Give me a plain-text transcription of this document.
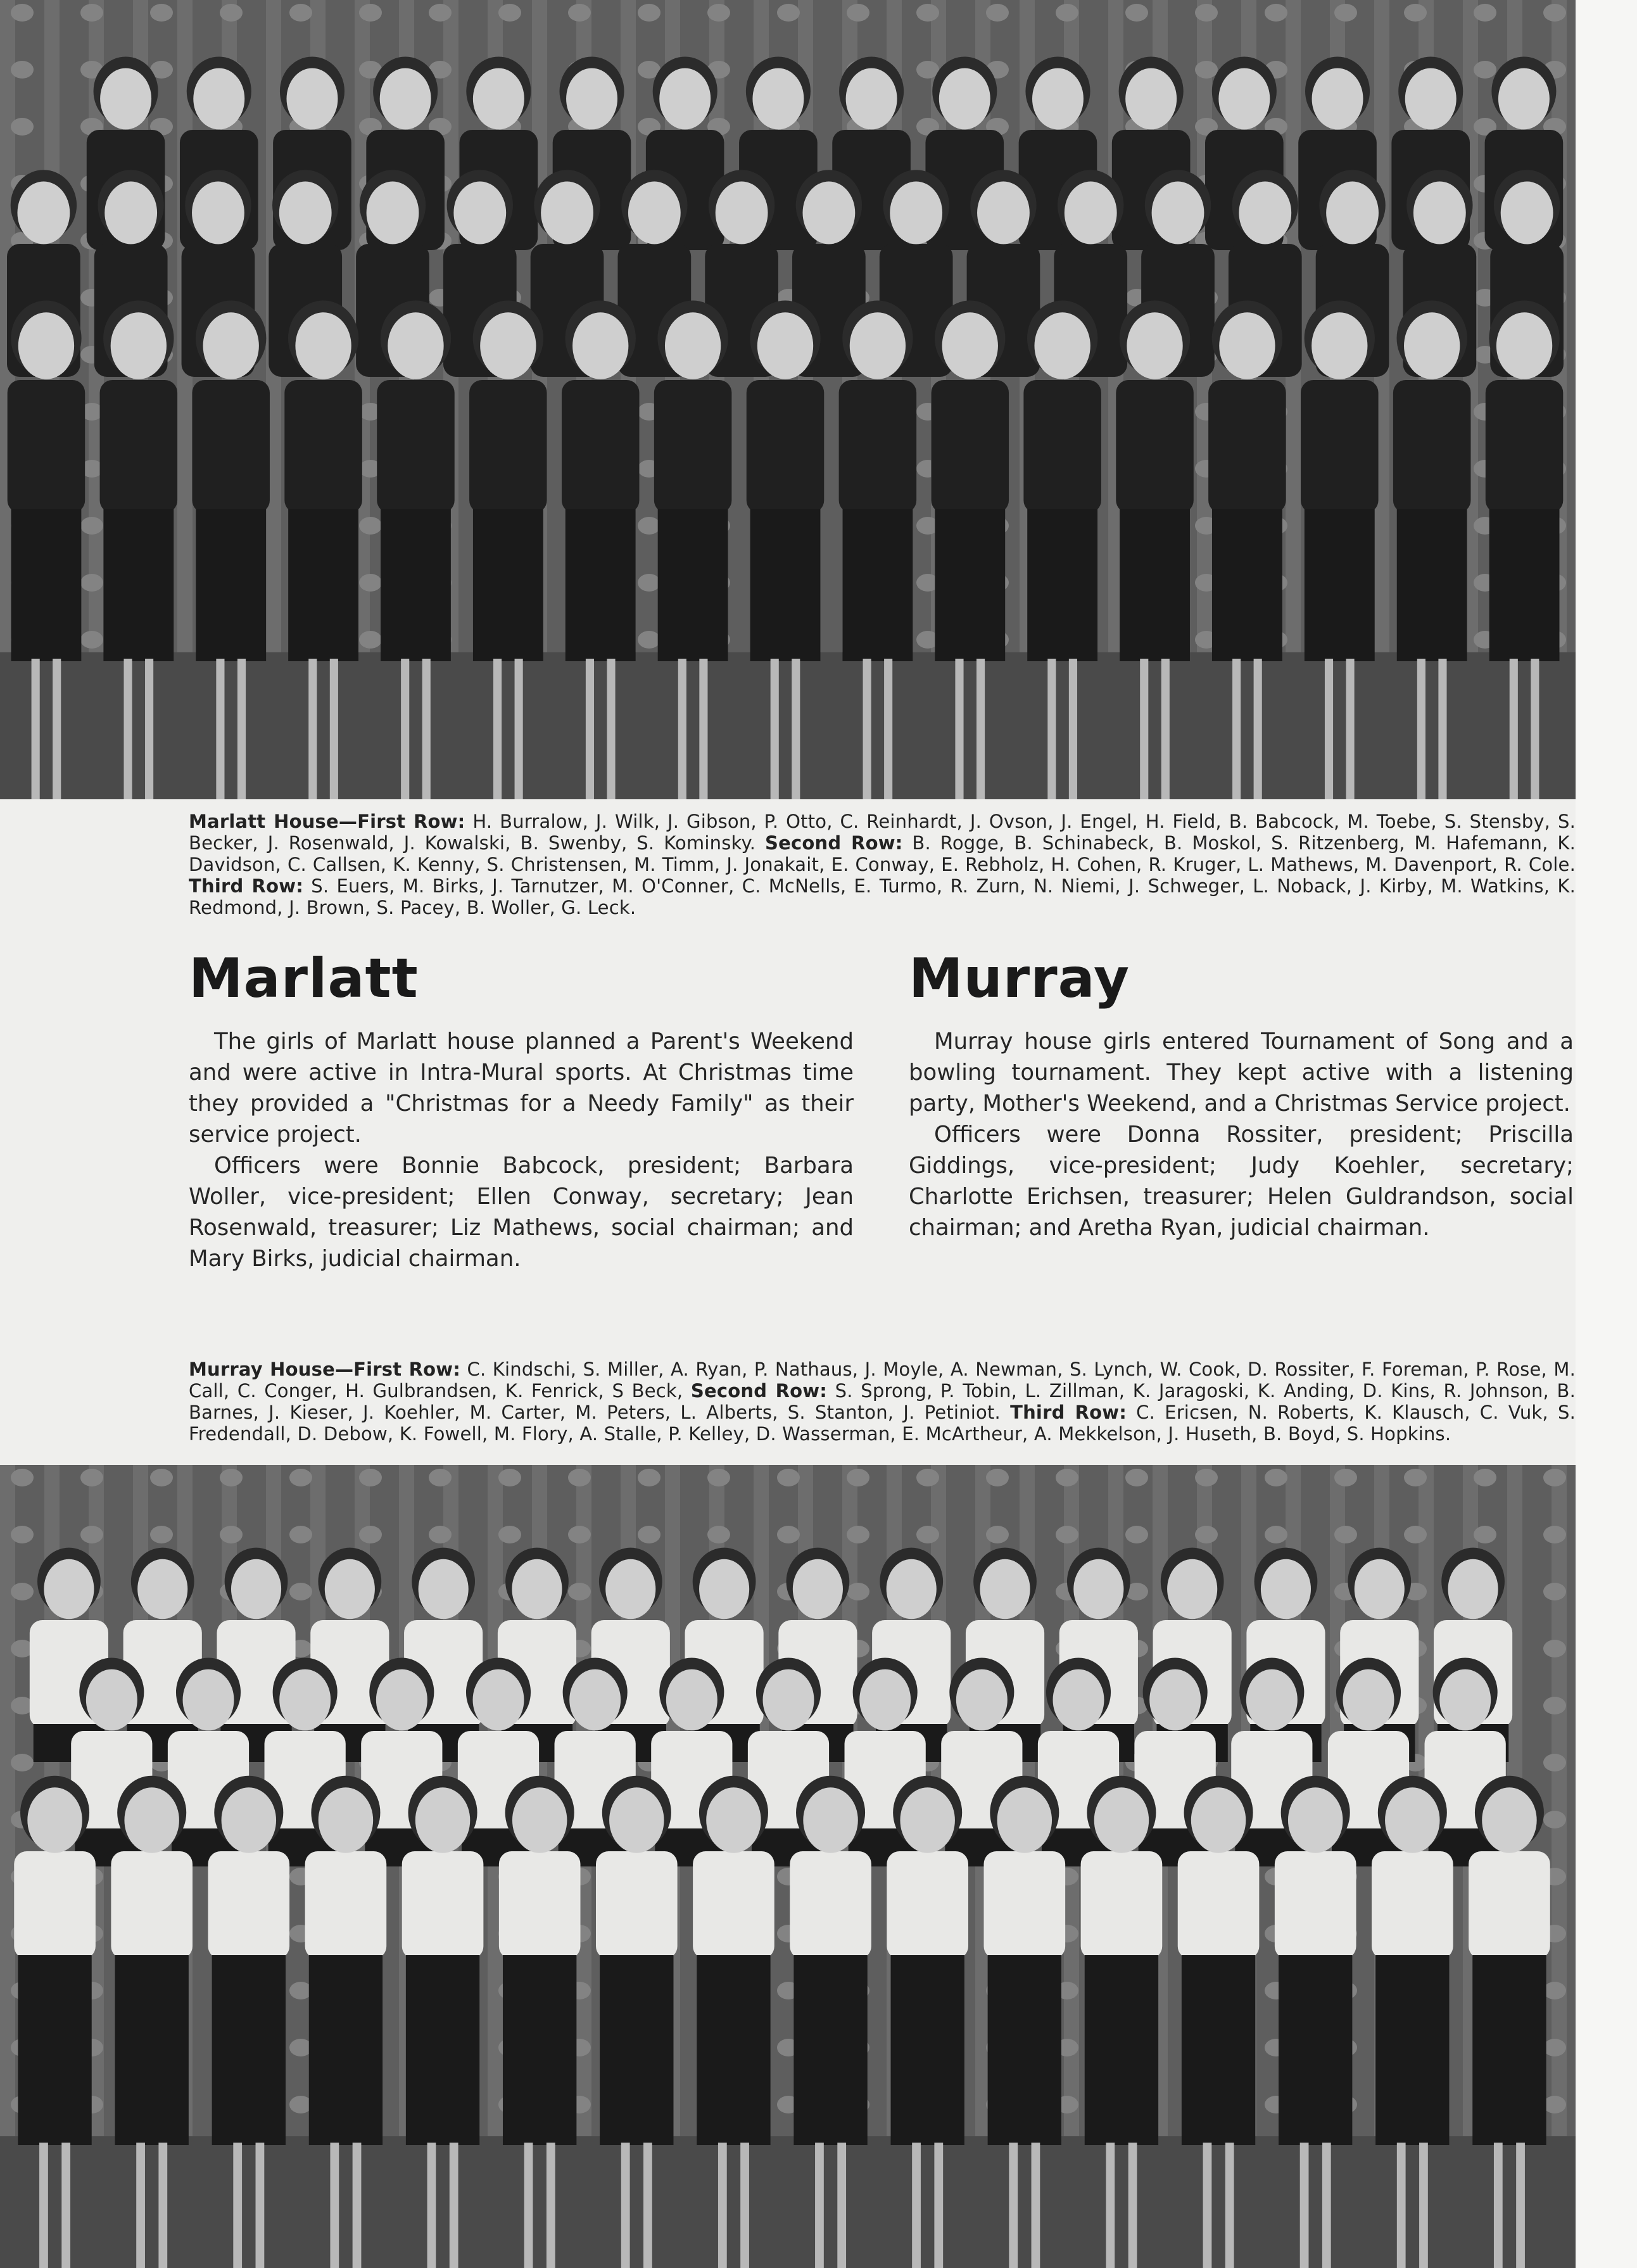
Marlatt House—First Row: H. Burralow, J. Wilk, J. Gibson, P. Otto, C. Reinhardt, J. Ovson, J. Engel, H. Field, B. Babcock, M. Toebe, S. Stensby, S. Becker, J. Rosenwald, J. Kowalski, B. Swenby, S. Kominsky. Second Row: B. Rogge, B. Schinabeck, B. Moskol, S. Ritzenberg, M. Hafemann, K. Davidson, C. Callsen, K. Kenny, S. Christensen, M. Timm, J. Jonakait, E. Conway, E. Rebholz, H. Cohen, R. Kruger, L. Mathews, M. Davenport, R. Cole. Third Row: S. Euers, M. Birks, J. Tarnutzer, M. O'Conner, C. McNells, E. Turmo, R. Zurn, N. Niemi, J. Schweger, L. Noback, J. Kirby, M. Watkins, K. Redmond, J. Brown, S. Pacey, B. Woller, G. Leck.
Marlatt

The girls of Marlatt house planned a Parent's Weekend and were active in Intra-Mural sports. At Christmas time they provided a "Christmas for a Needy Family" as their service project.

Officers were Bonnie Babcock, president; Barbara Woller, vice-president; Ellen Conway, secretary; Jean Rosenwald, treasurer; Liz Mathews, social chairman; and Mary Birks, judicial chairman.

Murray

Murray house girls entered Tournament of Song and a bowling tournament. They kept active with a listening party, Mother's Weekend, and a Christmas Service project.

Officers were Donna Rossiter, president; Priscilla Giddings, vice-president; Judy Koehler, secretary; Charlotte Erichsen, treasurer; Helen Guldrandson, social chairman; and Aretha Ryan, judicial chairman.

Murray House—First Row: C. Kindschi, S. Miller, A. Ryan, P. Nathaus, J. Moyle, A. Newman, S. Lynch, W. Cook, D. Rossiter, F. Foreman, P. Rose, M. Call, C. Conger, H. Gulbrandsen, K. Fenrick, S Beck, Second Row: S. Sprong, P. Tobin, L. Zillman, K. Jaragoski, K. Anding, D. Kins, R. Johnson, B. Barnes, J. Kieser, J. Koehler, M. Carter, M. Peters, L. Alberts, S. Stanton, J. Petiniot. Third Row: C. Ericsen, N. Roberts, K. Klausch, C. Vuk, S. Fredendall, D. Debow, K. Fowell, M. Flory, A. Stalle, P. Kelley, D. Wasserman, E. McArtheur, A. Mekkelson, J. Huseth, B. Boyd, S. Hopkins.
